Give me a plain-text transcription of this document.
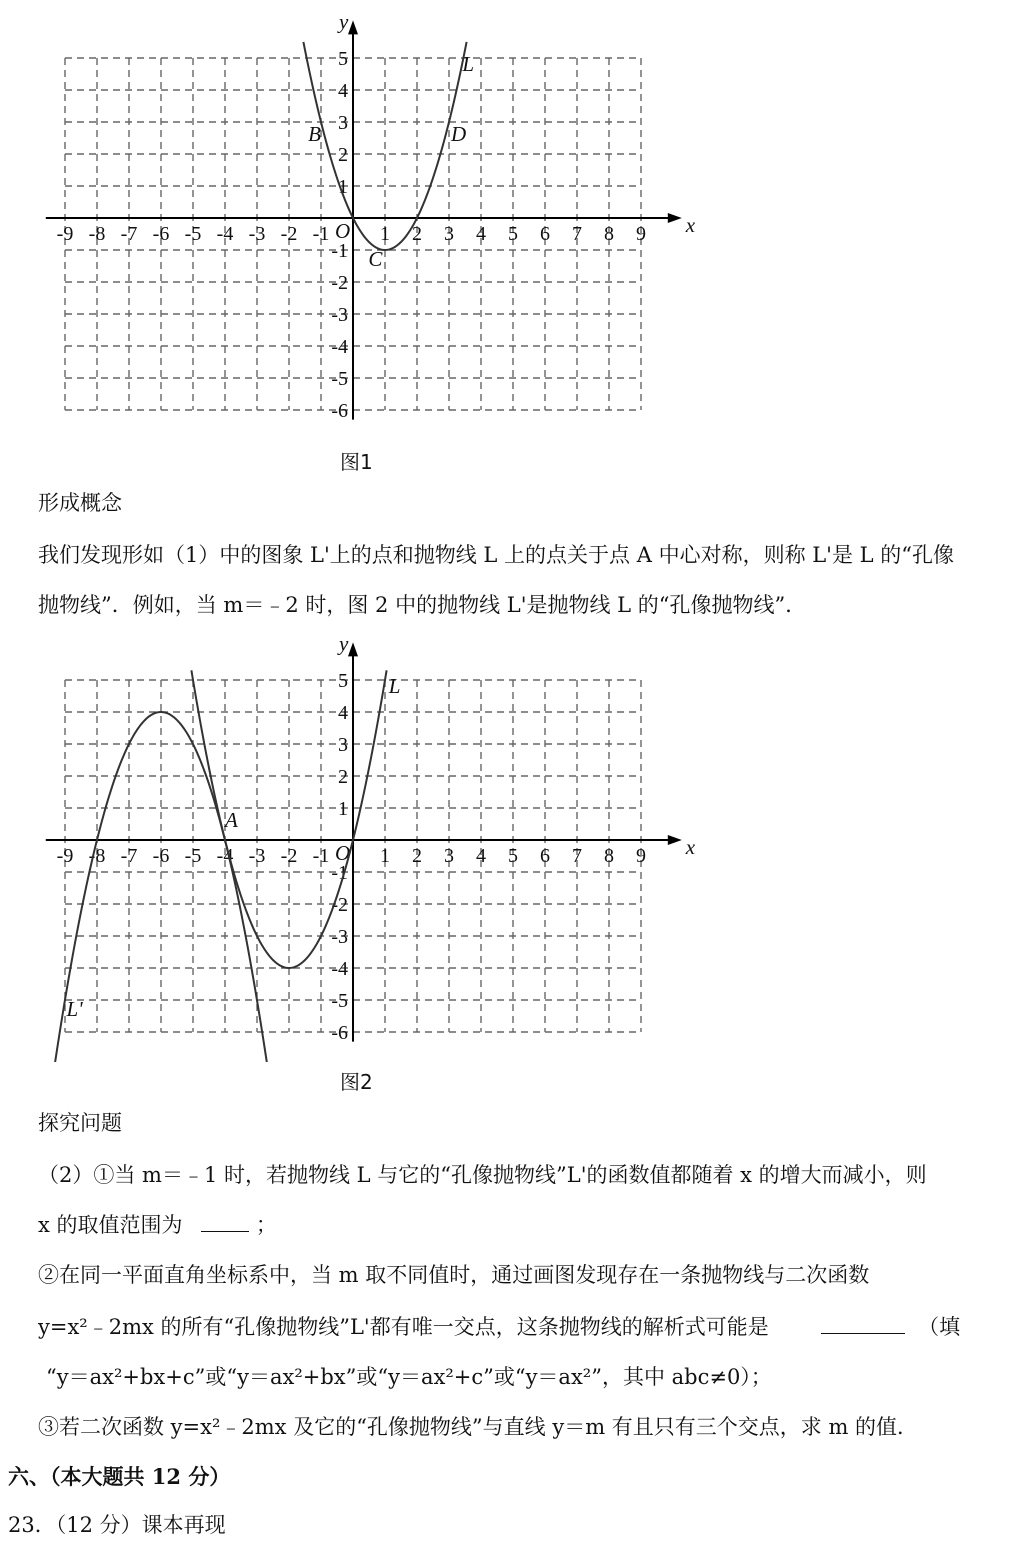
x
y
O
-9 -8 -7 -6 -5 -4 -3 -2 -1	1 2 3 4 5 6 7 8 9
5
4
3
2
1
-1
-2
-3
-4
-5
-6
L
B	D
C
图1
形成概念
我们发现形如（1）中的图象 L'上的点和抛物线 L 上的点关于点 A 中心对称，则称 L'是 L 的“孔像
抛物线”．例如，当 m＝﹣2 时，图 2 中的抛物线 L'是抛物线 L 的“孔像抛物线”．
x
y
O
-9 -8 -7 -6 -5 -4 -3 -2 -1	1 2 3 4 5 6 7 8 9
5
4
3
2
1
-1
-2
-3
-4
-5
-6
L
L'
A
图2
探究问题
（2）①当 m＝﹣1 时，若抛物线 L 与它的“孔像抛物线”L'的函数值都随着 x 的增大而减小，则
x 的取值范围为	；
②在同一平面直角坐标系中，当 m 取不同值时，通过画图发现存在一条抛物线与二次函数
y=x²﹣2mx 的所有“孔像抛物线”L'都有唯一交点，这条抛物线的解析式可能是	（填
“y＝ax²+bx+c”或“y＝ax²+bx”或“y＝ax²+c”或“y＝ax²”，其中 abc≠0）；
③若二次函数 y=x²﹣2mx 及它的“孔像抛物线”与直线 y＝m 有且只有三个交点，求 m 的值．
六、（本大题共 12 分）
23．（12 分）课本再现
